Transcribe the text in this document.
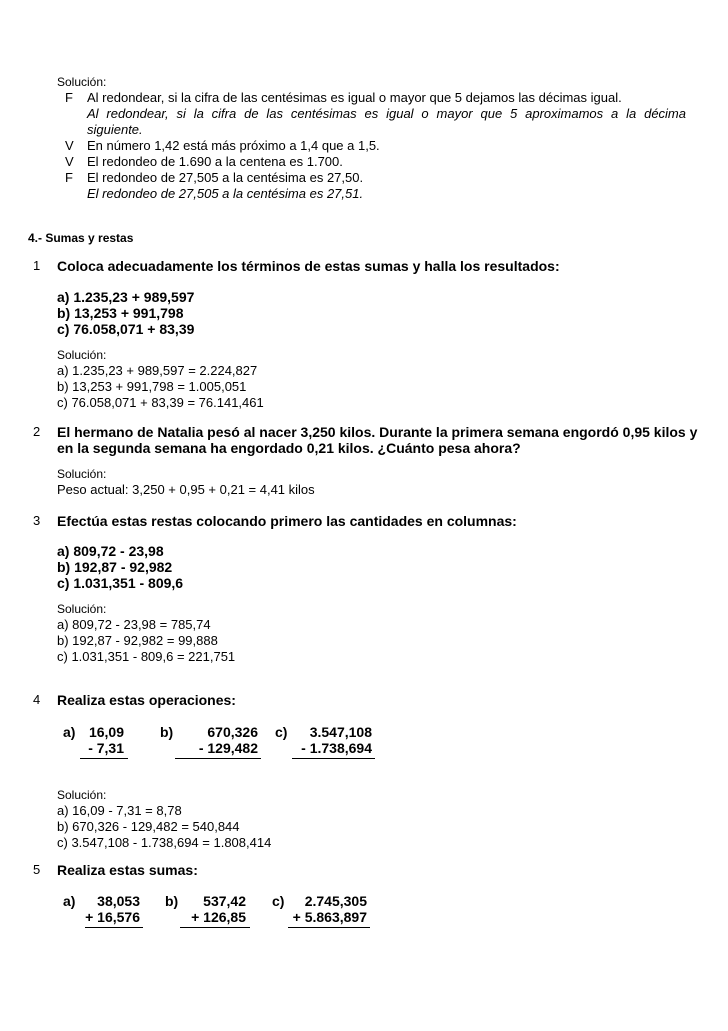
Solución:
F Al redondear, si la cifra de las centésimas es igual o mayor que 5 dejamos las décimas igual.
Al redondear, si la cifra de las centésimas es igual o mayor que 5 aproximamos a la décima
siguiente.
V En número 1,42 está más próximo a 1,4 que a 1,5.
V El redondeo de 1.690 a la centena es 1.700.
F El redondeo de 27,505 a la centésima es 27,50.
El redondeo de 27,505 a la centésima es 27,51.
4.- Sumas y restas
1 Coloca adecuadamente los términos de estas sumas y halla los resultados:
a) 1.235,23 + 989,597
b) 13,253 + 991,798
c) 76.058,071 + 83,39
Solución:
a) 1.235,23 + 989,597 = 2.224,827
b) 13,253 + 991,798 = 1.005,051
c) 76.058,071 + 83,39 = 76.141,461
2 El hermano de Natalia pesó al nacer 3,250 kilos. Durante la primera semana engordó 0,95 kilos y
en la segunda semana ha engordado 0,21 kilos. ¿Cuánto pesa ahora?
Solución:
Peso actual: 3,250 + 0,95 + 0,21 = 4,41 kilos
3 Efectúa estas restas colocando primero las cantidades en columnas:
a) 809,72 - 23,98
b) 192,87 - 92,982
c) 1.031,351 - 809,6
Solución:
a) 809,72 - 23,98 = 785,74
b) 192,87 - 92,982 = 99,888
c) 1.031,351 - 809,6 = 221,751
4 Realiza estas operaciones:
a) 16,09
- 7,31
b)	670,326
- 129,482
c)	3.547,108
- 1.738,694
Solución:
a) 16,09 - 7,31 = 8,78
b) 670,326 - 129,482 = 540,844
c) 3.547,108 - 1.738,694 = 1.808,414
5 Realiza estas sumas:
a)	38,053
+ 16,576
b)	537,42
+ 126,85
c)	2.745,305
+ 5.863,897
